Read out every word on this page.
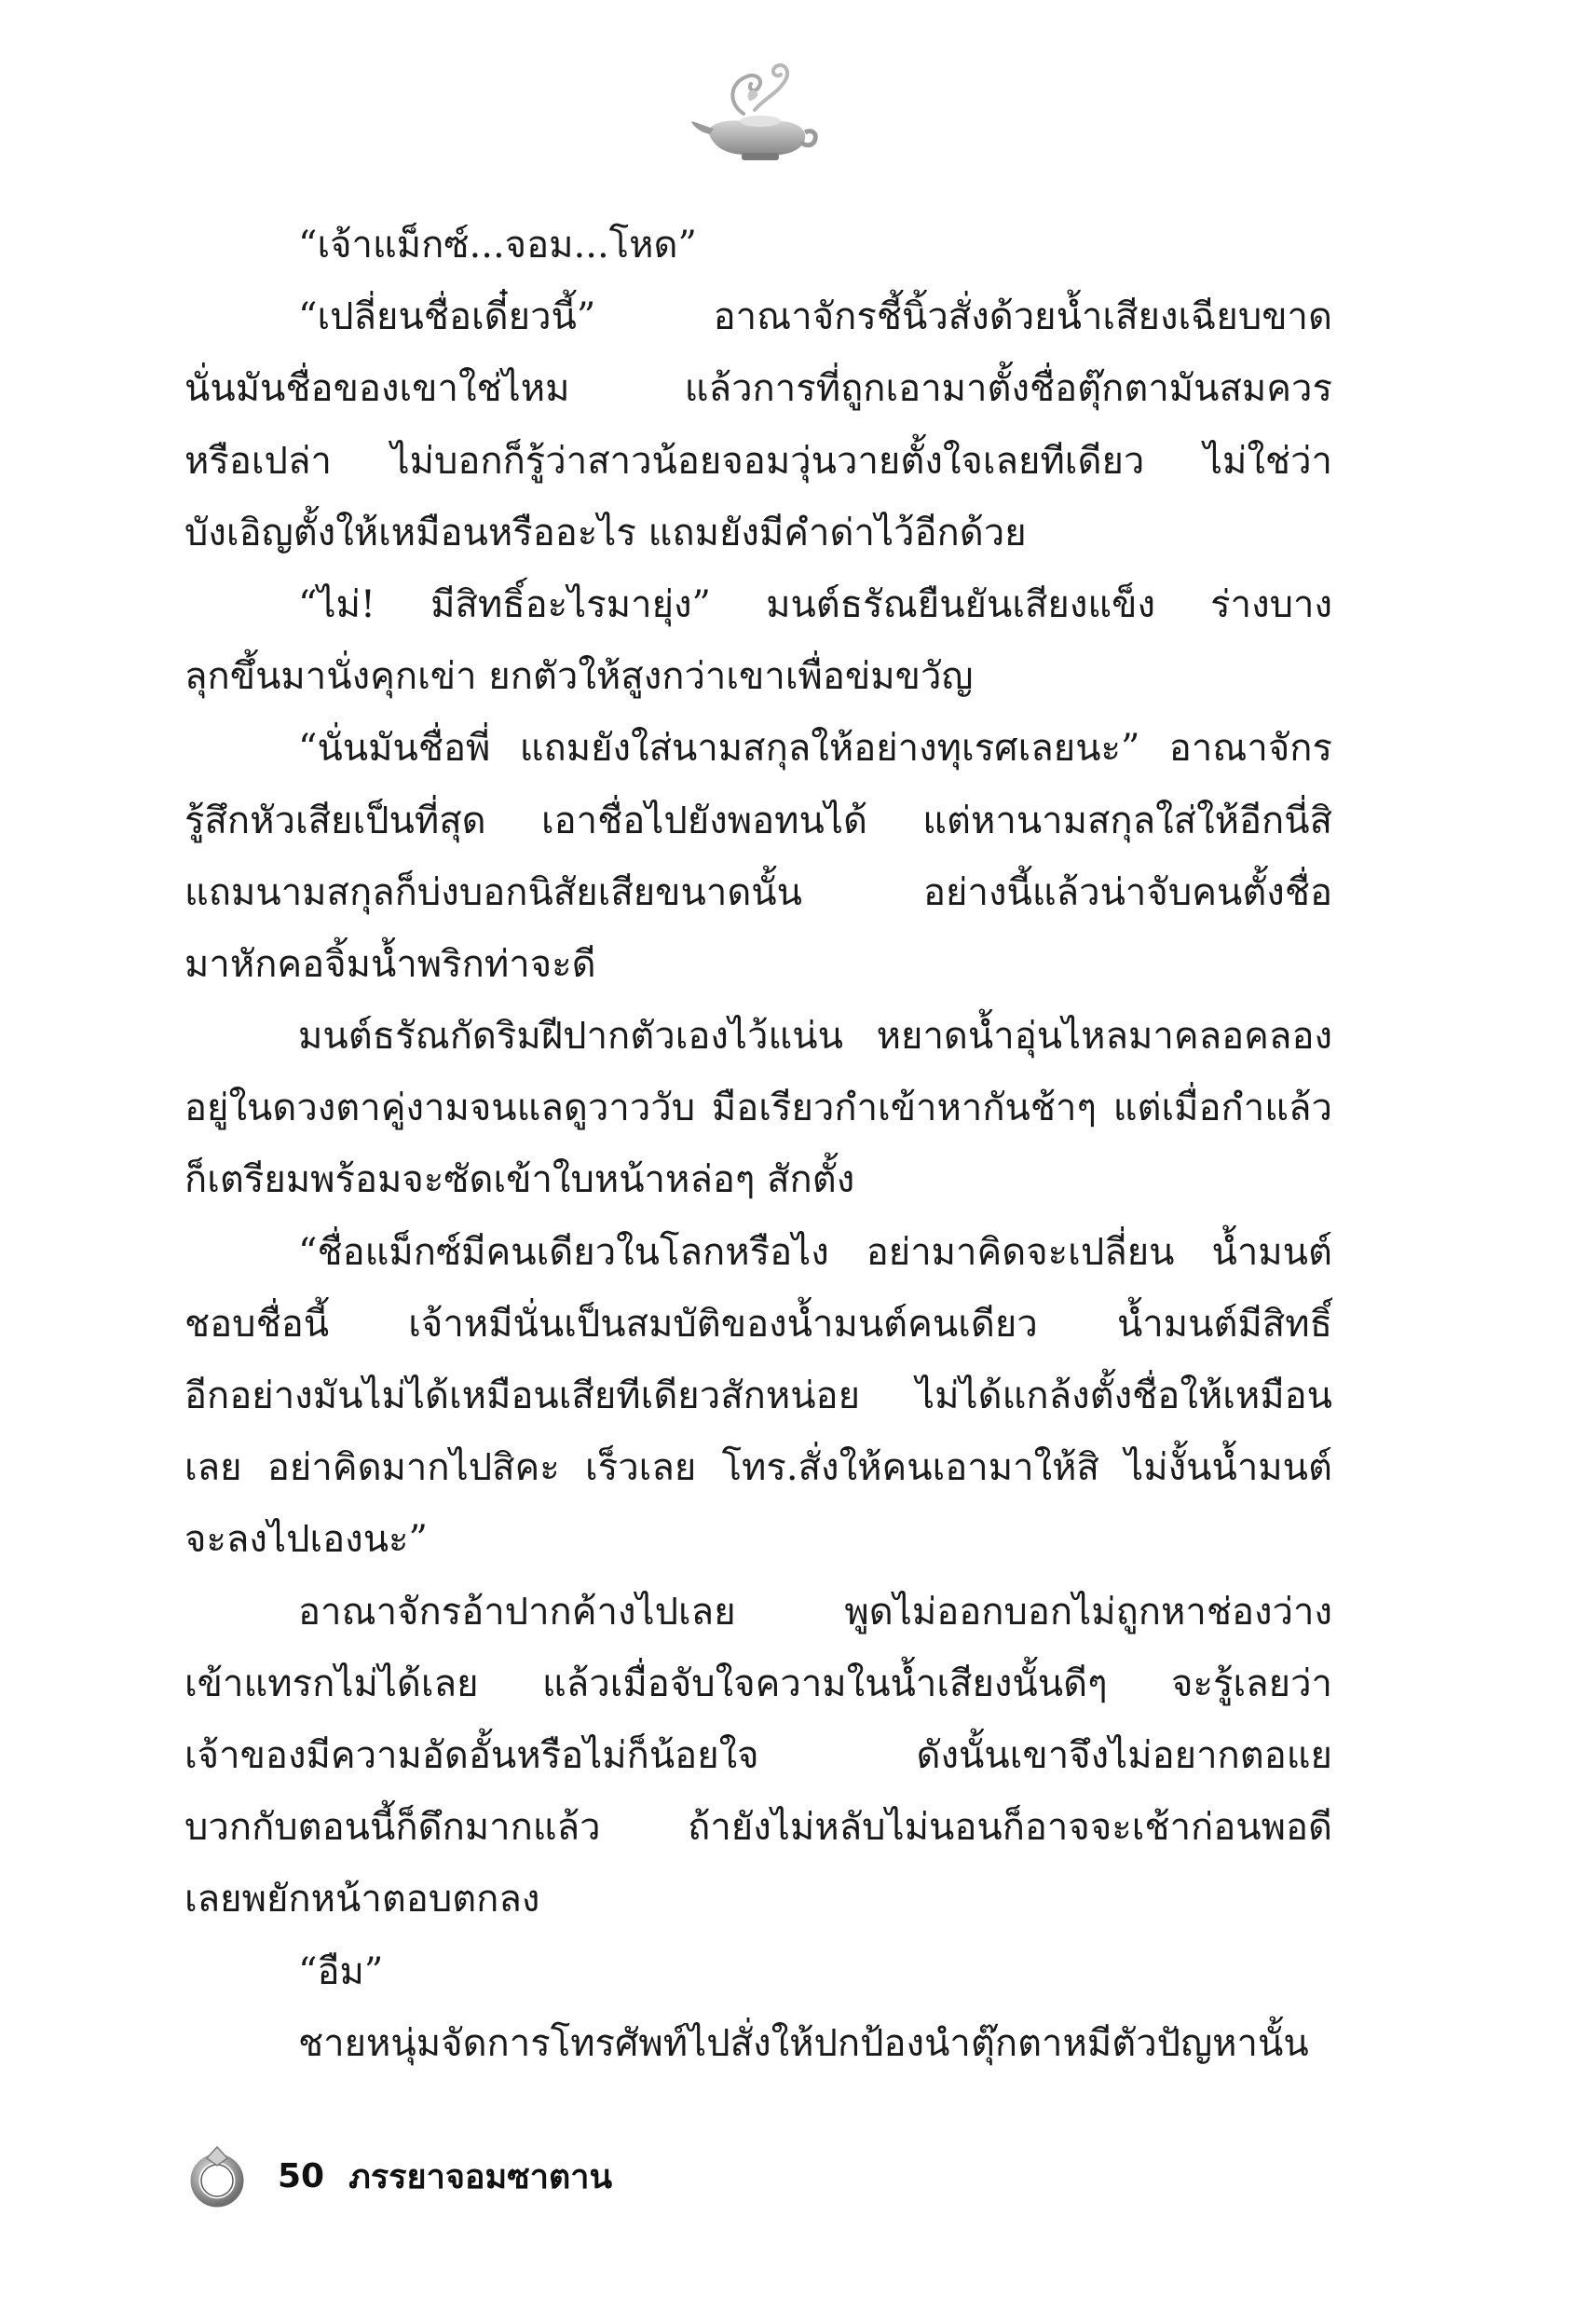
“เจ้าแม็กซ์...จอม...โหด”
“เปลี่ยนชื่อเดี๋ยวนี้” อาณาจักรชี้นิ้วสั่งด้วยน้ำเสียงเฉียบขาด
นั่นมันชื่อของเขาใช่ไหม แล้วการที่ถูกเอามาตั้งชื่อตุ๊กตามันสมควร
หรือเปล่า ไม่บอกก็รู้ว่าสาวน้อยจอมวุ่นวายตั้งใจเลยทีเดียว ไม่ใช่ว่า
บังเอิญตั้งให้เหมือนหรืออะไร แถมยังมีคำด่าไว้อีกด้วย
“ไม่! มีสิทธิ์อะไรมายุ่ง” มนต์ธรัณยืนยันเสียงแข็ง ร่างบาง
ลุกขึ้นมานั่งคุกเข่า ยกตัวให้สูงกว่าเขาเพื่อข่มขวัญ
“นั่นมันชื่อพี่ แถมยังใส่นามสกุลให้อย่างทุเรศเลยนะ” อาณาจักร
รู้สึกหัวเสียเป็นที่สุด เอาชื่อไปยังพอทนได้ แต่หานามสกุลใส่ให้อีกนี่สิ
แถมนามสกุลก็บ่งบอกนิสัยเสียขนาดนั้น อย่างนี้แล้วน่าจับคนตั้งชื่อ
มาหักคอจิ้มน้ำพริกท่าจะดี
มนต์ธรัณกัดริมฝีปากตัวเองไว้แน่น หยาดน้ำอุ่นไหลมาคลอคลอง
อยู่ในดวงตาคู่งามจนแลดูวาววับ มือเรียวกำเข้าหากันช้าๆ แต่เมื่อกำแล้ว
ก็เตรียมพร้อมจะซัดเข้าใบหน้าหล่อๆ สักตั้ง
“ชื่อแม็กซ์มีคนเดียวในโลกหรือไง อย่ามาคิดจะเปลี่ยน น้ำมนต์
ชอบชื่อนี้ เจ้าหมีนั่นเป็นสมบัติของน้ำมนต์คนเดียว น้ำมนต์มีสิทธิ์
อีกอย่างมันไม่ได้เหมือนเสียทีเดียวสักหน่อย ไม่ได้แกล้งตั้งชื่อให้เหมือน
เลย อย่าคิดมากไปสิคะ เร็วเลย โทร.สั่งให้คนเอามาให้สิ ไม่งั้นน้ำมนต์
จะลงไปเองนะ”
อาณาจักรอ้าปากค้างไปเลย พูดไม่ออกบอกไม่ถูกหาช่องว่าง
เข้าแทรกไม่ได้เลย แล้วเมื่อจับใจความในน้ำเสียงนั้นดีๆ จะรู้เลยว่า
เจ้าของมีความอัดอั้นหรือไม่ก็น้อยใจ ดังนั้นเขาจึงไม่อยากตอแย
บวกกับตอนนี้ก็ดึกมากแล้ว ถ้ายังไม่หลับไม่นอนก็อาจจะเช้าก่อนพอดี
เลยพยักหน้าตอบตกลง
“อืม”
ชายหนุ่มจัดการโทรศัพท์ไปสั่งให้ปกป้องนำตุ๊กตาหมีตัวปัญหานั้น
50 ภรรยาจอมซาตาน
